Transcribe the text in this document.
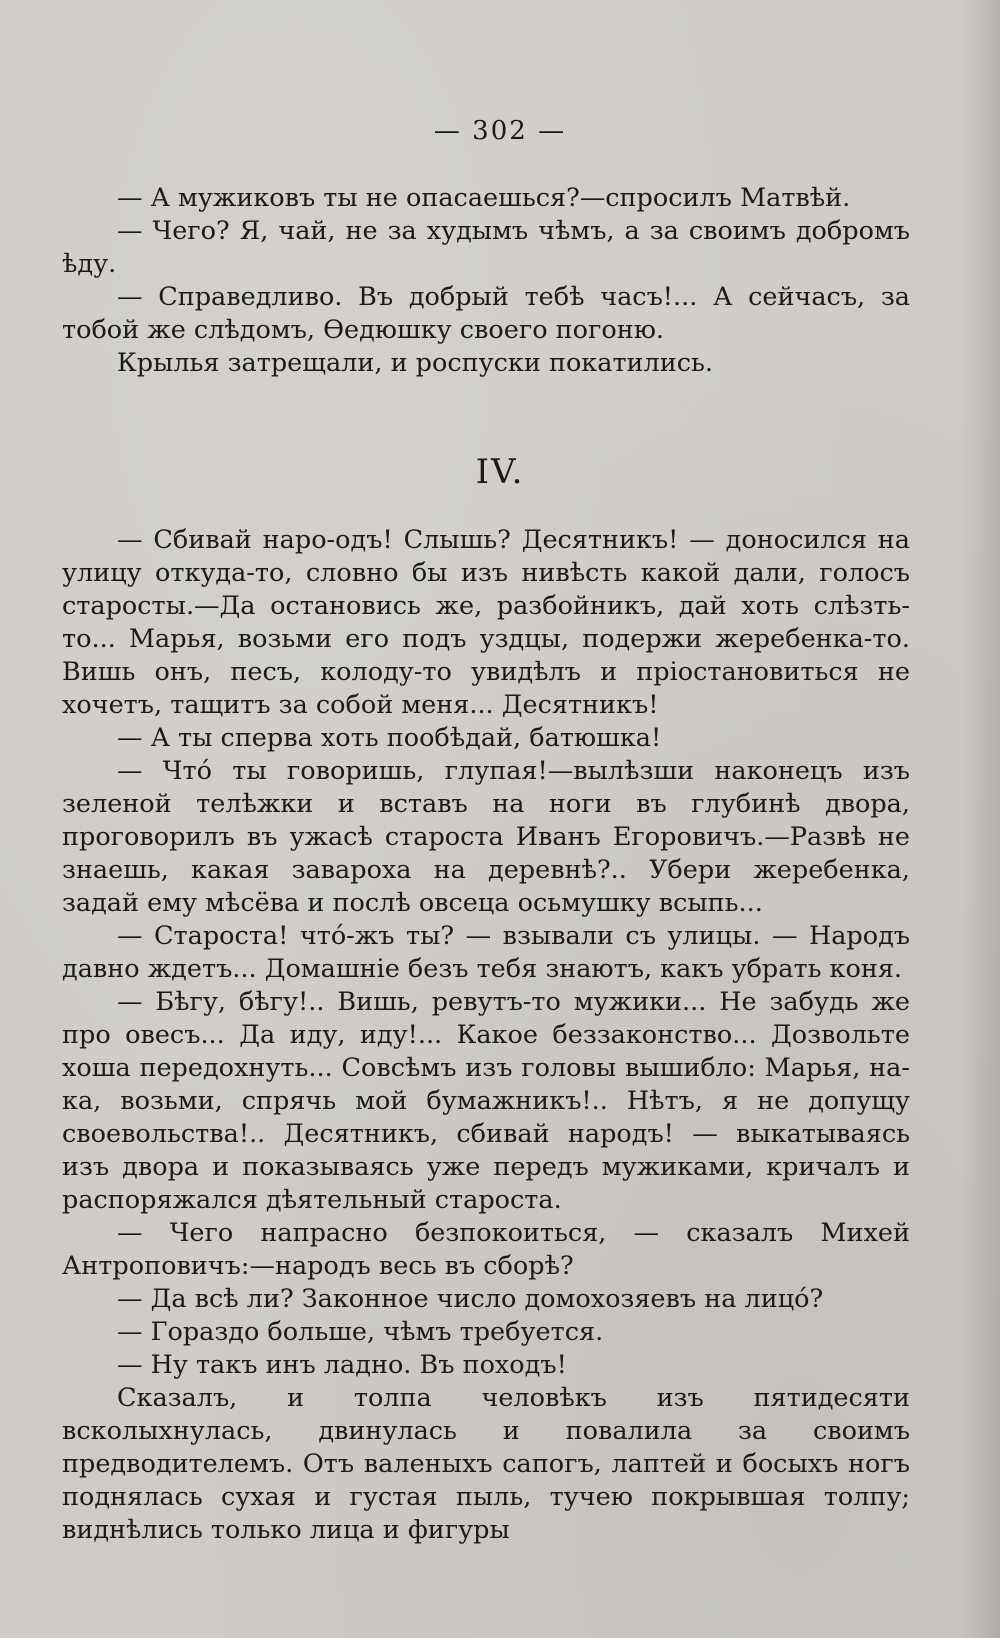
— 302 —

— А мужиковъ ты не опасаешься?—спросилъ Матвѣй.

— Чего? Я, чай, не за худымъ чѣмъ, а за своимъ добромъ ѣду.

— Справедливо. Въ добрый тебѣ часъ!... А сейчасъ, за тобой же слѣдомъ, Ѳедюшку своего погоню.

Крылья затрещали, и роспуски покатились.

IV.

— Сбивай наро-одъ! Слышь? Десятникъ! — доносился на улицу откуда-то, словно бы изъ нивѣсть какой дали, голосъ старосты.—Да остановись же, разбойникъ, дай хоть слѣзть-то... Марья, возьми его подъ уздцы, подержи жеребенка-то. Вишь онъ, песъ, колоду-то увидѣлъ и пріостановиться не хочетъ, тащитъ за собой меня... Десятникъ!

— А ты сперва хоть пообѣдай, батюшка!

— Что́ ты говоришь, глупая!—вылѣзши наконецъ изъ зеленой телѣжки и вставъ на ноги въ глубинѣ двора, проговорилъ въ ужасѣ староста Иванъ Егоровичъ.—Развѣ не знаешь, какая завароха на деревнѣ?.. Убери жеребенка, задай ему мѣсёва и послѣ овсеца осьмушку всыпь...

— Староста! что́-жъ ты? — взывали съ улицы. — Народъ давно ждетъ... Домашніе безъ тебя знаютъ, какъ убрать коня.

— Бѣгу, бѣгу!.. Вишь, ревутъ-то мужики... Не забудь же про овесъ... Да иду, иду!... Какое беззаконство... Дозвольте хоша передохнуть... Совсѣмъ изъ головы вышибло: Марья, на-ка, возьми, спрячь мой бумажникъ!.. Нѣтъ, я не допущу своевольства!.. Десятникъ, сбивай народъ! — выкатываясь изъ двора и показываясь уже передъ мужиками, кричалъ и распоряжался дѣятельный староста.

— Чего напрасно безпокоиться, — сказалъ Михей Антроповичъ:—народъ весь въ сборѣ?

— Да всѣ ли? Законное число домохозяевъ на лицо́?

— Гораздо больше, чѣмъ требуется.

— Ну такъ инъ ладно. Въ походъ!

Сказалъ, и толпа человѣкъ изъ пятидесяти всколыхнулась, двинулась и повалила за своимъ предводителемъ. Отъ валеныхъ сапогъ, лаптей и босыхъ ногъ поднялась сухая и густая пыль, тучею покрывшая толпу; виднѣлись только лица и фигуры
